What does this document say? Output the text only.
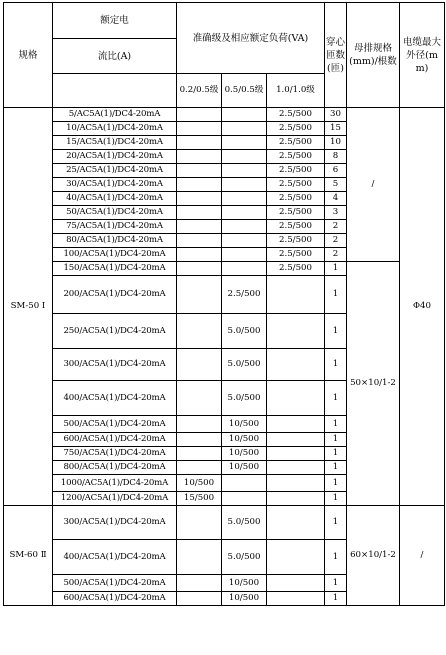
规格	额定电	准确级及相应额定负荷(VA)			穿心匝数(匝)	母排规格(mm)/根数	电缆最大外径(mm)
	流比(A)						
		0.2/0.5级	0.5/0.5级	1.0/1.0级			
SM-50 Ⅰ	5/AC5A(1)/DC4-20mA			2.5/500	30	/	Φ40
	10/AC5A(1)/DC4-20mA			2.5/500	15		
	15/AC5A(1)/DC4-20mA			2.5/500	10		
	20/AC5A(1)/DC4-20mA			2.5/500	8		
	25/AC5A(1)/DC4-20mA			2.5/500	6		
	30/AC5A(1)/DC4-20mA			2.5/500	5		
	40/AC5A(1)/DC4-20mA			2.5/500	4		
	50/AC5A(1)/DC4-20mA			2.5/500	3		
	75/AC5A(1)/DC4-20mA			2.5/500	2		
	80/AC5A(1)/DC4-20mA			2.5/500	2		
	100/AC5A(1)/DC4-20mA			2.5/500	2		
	150/AC5A(1)/DC4-20mA			2.5/500	1	50×10/1-2	
	200/AC5A(1)/DC4-20mA		2.5/500		1		
	250/AC5A(1)/DC4-20mA		5.0/500		1		
	300/AC5A(1)/DC4-20mA		5.0/500		1		
	400/AC5A(1)/DC4-20mA		5.0/500		1		
	500/AC5A(1)/DC4-20mA		10/500		1		
	600/AC5A(1)/DC4-20mA		10/500		1		
	750/AC5A(1)/DC4-20mA		10/500		1		
	800/AC5A(1)/DC4-20mA		10/500		1		
	1000/AC5A(1)/DC4-20mA	10/500			1		
	1200/AC5A(1)/DC4-20mA	15/500			1		
SM-60 Ⅱ	300/AC5A(1)/DC4-20mA		5.0/500		1	60×10/1-2	/
	400/AC5A(1)/DC4-20mA		5.0/500		1		
	500/AC5A(1)/DC4-20mA		10/500		1		
	600/AC5A(1)/DC4-20mA		10/500		1		
